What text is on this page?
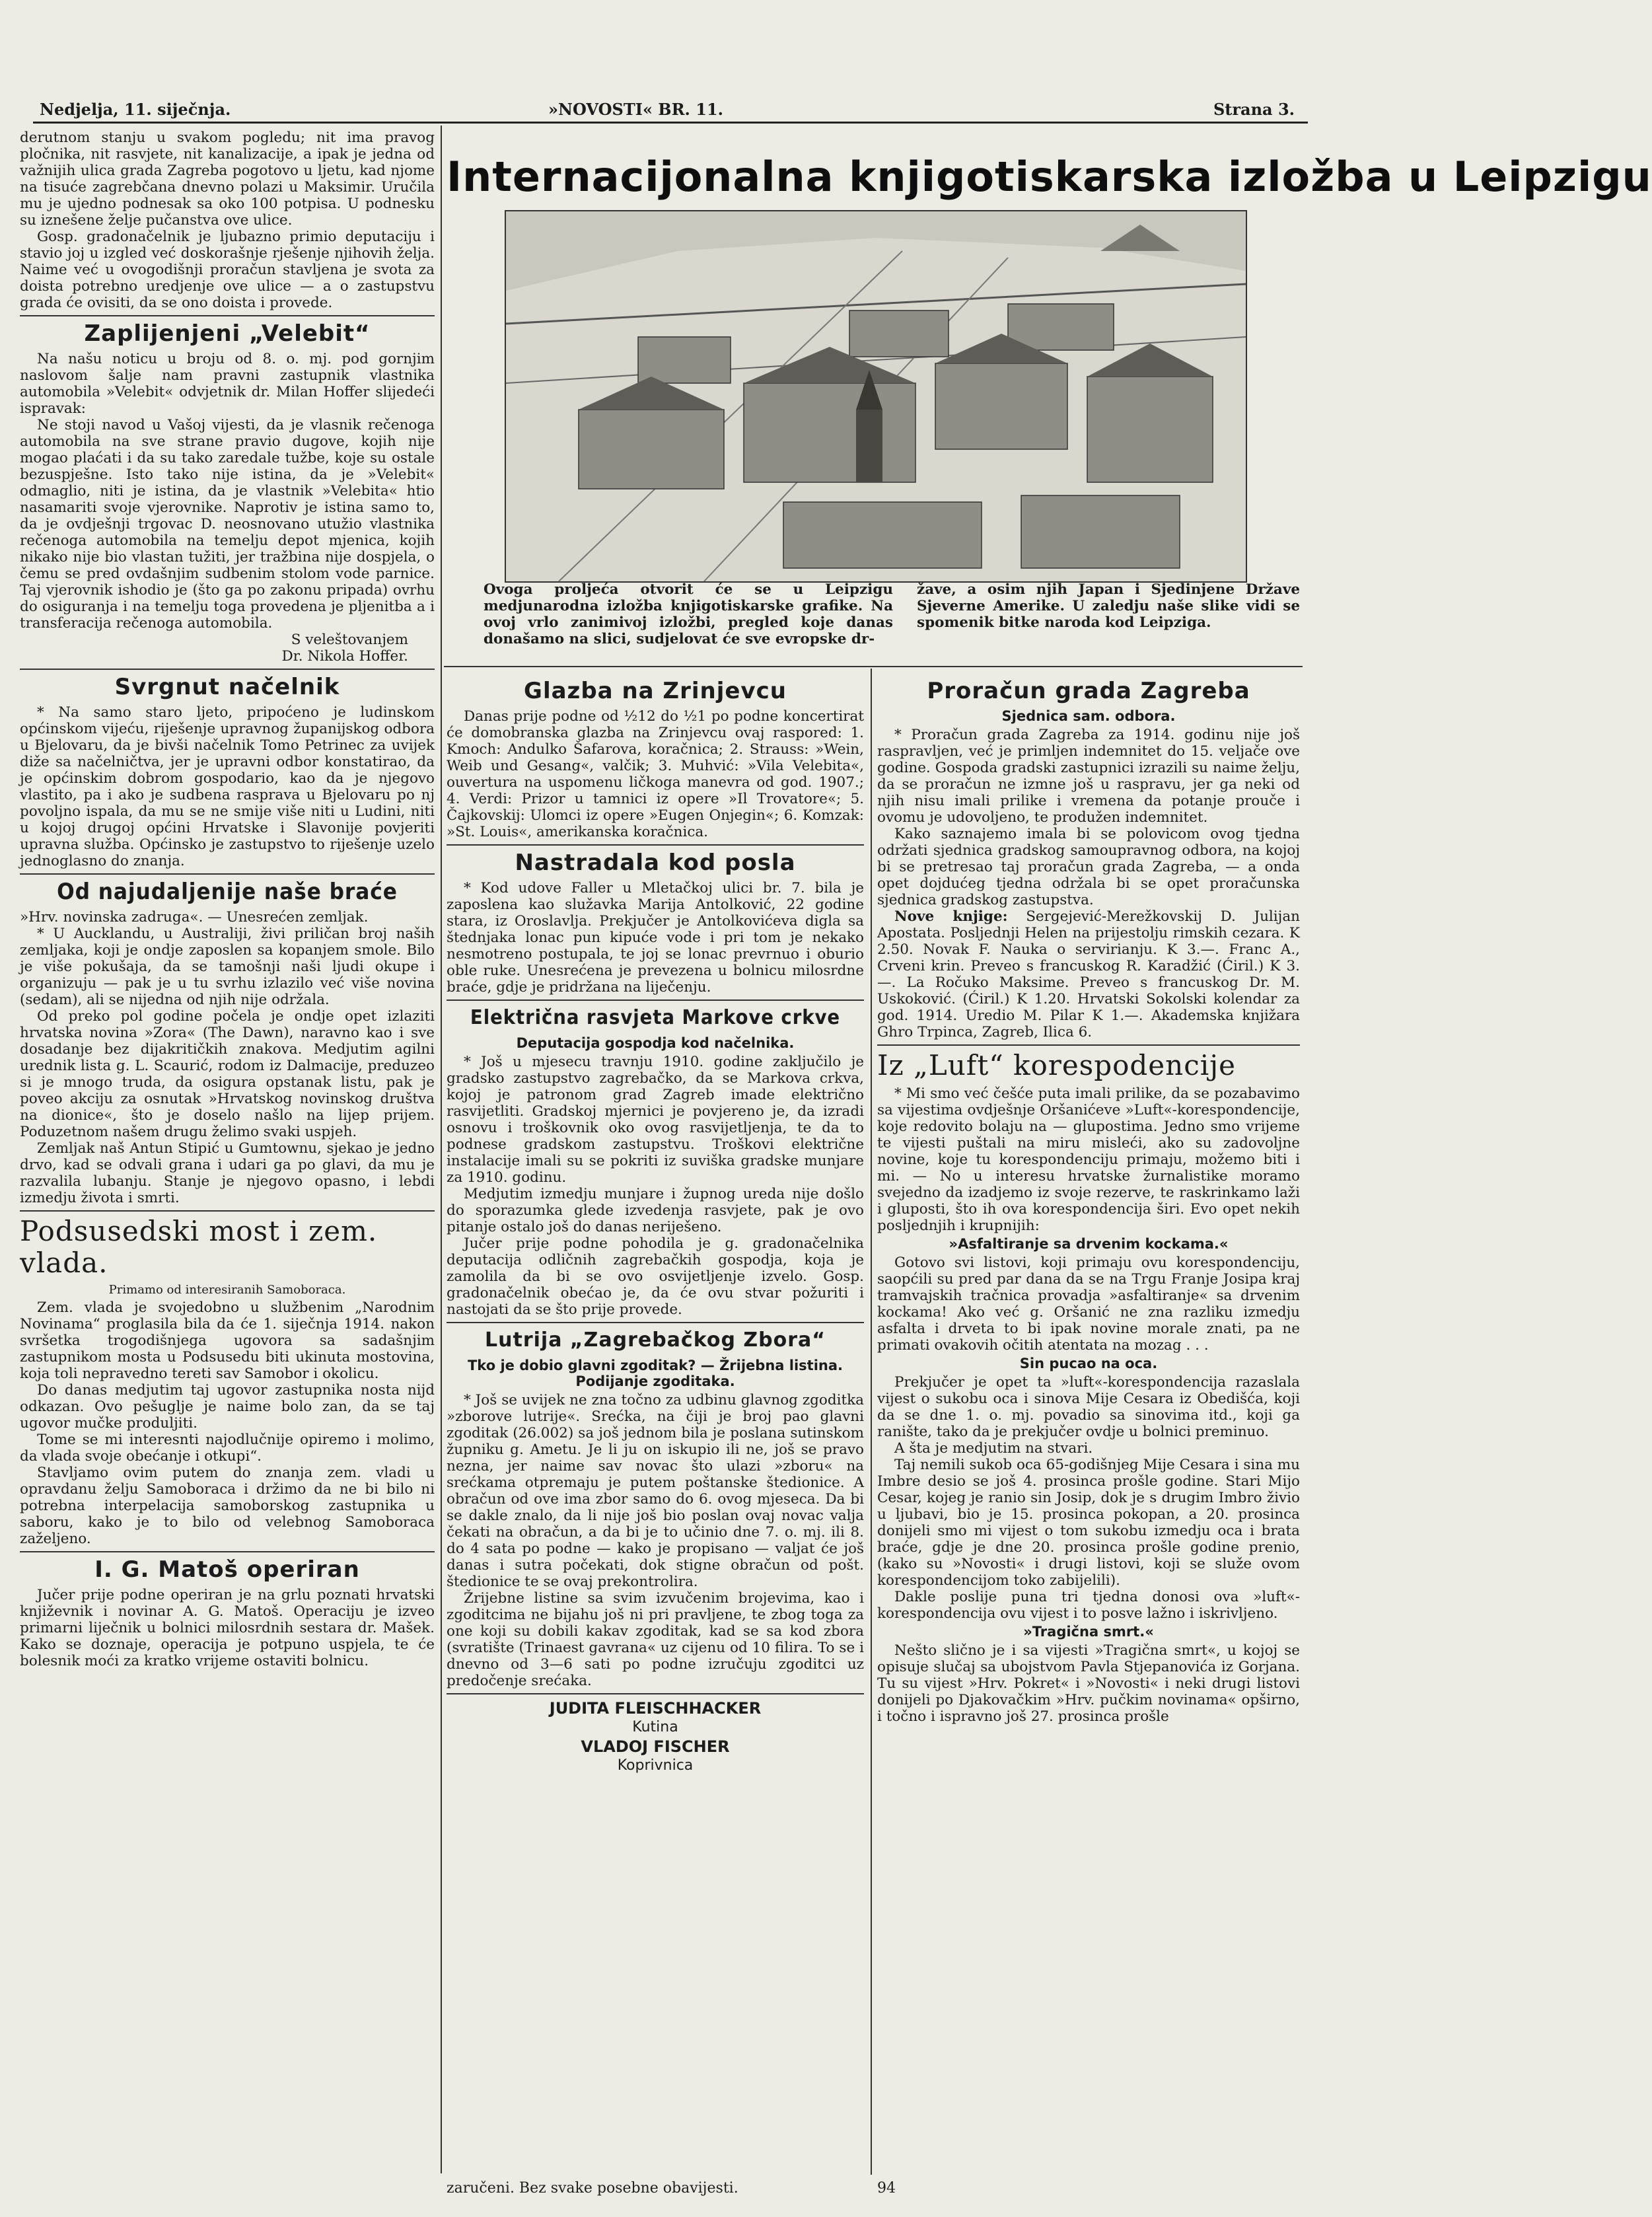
Nedjelja, 11. siječnja.	»NOVOSTI« BR. 11.	Strana 3.

derutnom stanju u svakom pogledu; nit ima pravog pločnika, nit rasvjete, nit kanalizacije, a ipak je jedna od važnijih ulica grada Zagreba pogotovo u ljetu, kad njome na tisuće zagrebčana dnevno polazi u Maksimir. Uručila mu je ujedno podnesak sa oko 100 potpisa. U podnesku su iznešene želje pučanstva ove ulice.

Gosp. gradonačelnik je ljubazno primio deputaciju i stavio joj u izgled već doskorašnje rješenje njihovih želja. Naime već u ovogodišnji proračun stavljena je svota za doista potrebno uredjenje ove ulice — a o zastupstvu grada će ovisiti, da se ono doista i provede.

Zaplijenjeni „Velebit“

Na našu noticu u broju od 8. o. mj. pod gornjim naslovom šalje nam pravni zastupnik vlastnika automobila »Velebit« odvjetnik dr. Milan Hoffer slijedeći ispravak:

Ne stoji navod u Vašoj vijesti, da je vlasnik rečenoga automobila na sve strane pravio dugove, kojih nije mogao plaćati i da su tako zaredale tužbe, koje su ostale bezuspješne. Isto tako nije istina, da je »Velebit« odmaglio, niti je istina, da je vlastnik »Velebita« htio nasamariti svoje vjerovnike. Naprotiv je istina samo to, da je ovdješnji trgovac D. neosnovano utužio vlastnika rečenoga automobila na temelju depot mjenica, kojih nikako nije bio vlastan tužiti, jer tražbina nije dospjela, o čemu se pred ovdašnjim sudbenim stolom vode parnice. Taj vjerovnik ishodio je (što ga po zakonu pripada) ovrhu do osiguranja i na temelju toga provedena je pljenitba a i transferacija rečenoga automobila.

S veleštovanjem

Dr. Nikola Hoffer.

Svrgnut načelnik

* Na samo staro ljeto, pripoćeno je ludinskom općinskom vijeću, riješenje upravnog županijskog odbora u Bjelovaru, da je bivši načelnik Tomo Petrinec za uvijek diže sa načelničtva, jer je upravni odbor konstatirao, da je općinskim dobrom gospodario, kao da je njegovo vlastito, pa i ako je sudbena rasprava u Bjelovaru po nj povoljno ispala, da mu se ne smije više niti u Ludini, niti u kojoj drugoj općini Hrvatske i Slavonije povjeriti upravna služba. Općinsko je zastupstvo to riješenje uzelo jednoglasno do znanja.

Od najudaljenije naše braće

»Hrv. novinska zadruga«. — Unesrećen zemljak.

* U Aucklandu, u Australiji, živi priličan broj naših zemljaka, koji je ondje zaposlen sa kopanjem smole. Bilo je više pokušaja, da se tamošnji naši ljudi okupe i organizuju — pak je u tu svrhu izlazilo već više novina (sedam), ali se nijedna od njih nije održala.

Od preko pol godine počela je ondje opet izlaziti hrvatska novina »Zora« (The Dawn), naravno kao i sve dosadanje bez dijakritičkih znakova. Medjutim agilni urednik lista g. L. Scaurić, rodom iz Dalmacije, preduzeo si je mnogo truda, da osigura opstanak listu, pak je poveo akciju za osnutak »Hrvatskog novinskog društva na dionice«, što je doselo našlo na lijep prijem. Poduzetnom našem drugu želimo svaki uspjeh.

Zemljak naš Antun Stipić u Gumtownu, sjekao je jedno drvo, kad se odvali grana i udari ga po glavi, da mu je razvalila lubanju. Stanje je njegovo opasno, i lebdi izmedju života i smrti.

Podsusedski most i zem. vlada.
Primamo od interesiranih Samoboraca.

Zem. vlada je svojedobno u službenim „Narodnim Novinama“ proglasila bila da će 1. siječnja 1914. nakon svršetka trogodišnjega ugovora sa sadašnjim zastupnikom mosta u Podsusedu biti ukinuta mostovina, koja toli nepravedno tereti sav Samobor i okolicu.

Do danas medjutim taj ugovor zastupnika nosta nijd odkazan. Ovo pešuglje je naime bolo zan, da se taj ugovor mučke produljiti.

Tome se mi interesnti najodlučnije opiremo i molimo, da vlada svoje obećanje i otkupi“.

Stavljamo ovim putem do znanja zem. vladi u opravdanu želju Samoboraca i držimo da ne bi bilo ni potrebna interpelacija samoborskog zastupnika u saboru, kako je to bilo od velebnog Samoboraca zaželjeno.

I. G. Matoš operiran

Jučer prije podne operiran je na grlu poznati hrvatski književnik i novinar A. G. Matoš. Operaciju je izveo primarni liječnik u bolnici milosrdnih sestara dr. Mašek. Kako se doznaje, operacija je potpuno uspjela, te će bolesnik moći za kratko vrijeme ostaviti bolnicu.

Internacijonalna knjigotiskarska izložba u Leipzigu

Ovoga proljeća otvorit će se u Leipzigu medjunarodna izložba knjigotiskarske grafike. Na ovoj vrlo zanimivoj izložbi, pregled koje danas donašamo na slici, sudjelovat će sve evropske dr-

žave, a osim njih Japan i Sjedinjene Države Sjeverne Amerike. U zaledju naše slike vidi se spomenik bitke naroda kod Leipziga.

Glazba na Zrinjevcu

Danas prije podne od ½12 do ½1 po podne koncertirat će domobranska glazba na Zrinjevcu ovaj raspored: 1. Kmoch: Andulko Šafarova, koračnica; 2. Strauss: »Wein, Weib und Gesang«, valčik; 3. Muhvić: »Vila Velebita«, ouvertura na uspomenu ličkoga manevra od god. 1907.; 4. Verdi: Prizor u tamnici iz opere »Il Trovatore«; 5. Čajkovskij: Ulomci iz opere »Eugen Onjegin«; 6. Komzak: »St. Louis«, amerikanska koračnica.

Nastradala kod posla

* Kod udove Faller u Mletačkoj ulici br. 7. bila je zaposlena kao služavka Marija Antolković, 22 godine stara, iz Oroslavlja. Prekjučer je Antolkovićeva digla sa štednjaka lonac pun kipuće vode i pri tom je nekako nesmotreno postupala, te joj se lonac prevrnuo i oburio oble ruke. Unesrećena je prevezena u bolnicu milosrdne braće, gdje je pridržana na liječenju.

Električna rasvjeta Markove crkve
Deputacija gospodja kod načelnika.

* Još u mjesecu travnju 1910. godine zaključilo je gradsko zastupstvo zagrebačko, da se Markova crkva, kojoj je patronom grad Zagreb imade električno rasvijetliti. Gradskoj mjernici je povjereno je, da izradi osnovu i troškovnik oko ovog rasvijetljenja, te da to podnese gradskom zastupstvu. Troškovi električne instalacije imali su se pokriti iz suviška gradske munjare za 1910. godinu.

Medjutim izmedju munjare i župnog ureda nije došlo do sporazumka glede izvedenja rasvjete, pak je ovo pitanje ostalo još do danas neriješeno.

Jučer prije podne pohodila je g. gradonačelnika deputacija odličnih zagrebačkih gospodja, koja je zamolila da bi se ovo osvijetljenje izvelo. Gosp. gradonačelnik obećao je, da će ovu stvar požuriti i nastojati da se što prije provede.

Lutrija „Zagrebačkog Zbora“
Tko je dobio glavni zgoditak? — Žrijebna listina. Podijanje zgoditaka.

* Još se uvijek ne zna točno za udbinu glavnog zgoditka »zborove lutrije«. Srećka, na čiji je broj pao glavni zgoditak (26.002) sa još jednom bila je poslana sutinskom župniku g. Ametu. Je li ju on iskupio ili ne, još se pravo nezna, jer naime sav novac što ulazi »zboru« na srećkama otpremaju je putem poštanske štedionice. A obračun od ove ima zbor samo do 6. ovog mjeseca. Da bi se dakle znalo, da li nije još bio poslan ovaj novac valja čekati na obračun, a da bi je to učinio dne 7. o. mj. ili 8. do 4 sata po podne — kako je propisano — valjat će još danas i sutra počekati, dok stigne obračun od pošt. štedionice te se ovaj prekontrolira.

Žrijebne listine sa svim izvučenim brojevima, kao i zgoditcima ne bijahu još ni pri pravljene, te zbog toga za one koji su dobili kakav zgoditak, kad se sa kod zbora (svratište (Trinaest gavrana« uz cijenu od 10 filira. To se i dnevno od 3—6 sati po podne izručuju zgoditci uz predočenje srećaka.

JUDITA FLEISCHHACKER
Kutina
VLADOJ FISCHER
Koprivnica
zaručeni. Bez svake posebne obavijesti.	94
Proračun grada Zagreba
Sjednica sam. odbora.

* Proračun grada Zagreba za 1914. godinu nije još raspravljen, već je primljen indemnitet do 15. veljače ove godine. Gospoda gradski zastupnici izrazili su naime želju, da se proračun ne izmne još u raspravu, jer ga neki od njih nisu imali prilike i vremena da potanje prouče i ovomu je udovoljeno, te produžen indemnitet.

Kako saznajemo imala bi se polovicom ovog tjedna održati sjednica gradskog samoupravnog odbora, na kojoj bi se pretresao taj proračun grada Zagreba, — a onda opet dojdućeg tjedna održala bi se opet proračunska sjednica gradskog zastupstva.

Nove knjige: Sergejević-Merežkovskij D. Julijan Apostata. Posljednji Helen na prijestolju rimskih cezara. K 2.50. Novak F. Nauka o servirianju. K 3.—. Franc A., Crveni krin. Preveo s francuskog R. Karadžić (Ćiril.) K 3.—. La Ročuko Maksime. Preveo s francuskog Dr. M. Uskoković. (Ćiril.) K 1.20. Hrvatski Sokolski kolendar za god. 1914. Uredio M. Pilar K 1.—. Akademska knjižara Ghro Trpinca, Zagreb, Ilica 6.

Iz „Luft“ korespodencije

* Mi smo već češće puta imali prilike, da se pozabavimo sa vijestima ovdješnje Oršanićeve »Luft«-korespondencije, koje redovito bolaju na — glupostima. Jedno smo vrijeme te vijesti puštali na miru misleći, ako su zadovoljne novine, koje tu korespondenciju primaju, možemo biti i mi. — No u interesu hrvatske žurnalistike moramo svejedno da izadjemo iz svoje rezerve, te raskrinkamo laži i gluposti, što ih ova korespondencija širi. Evo opet nekih posljednjih i krupnijih:

»Asfaltiranje sa drvenim kockama.«

Gotovo svi listovi, koji primaju ovu korespondenciju, saopćili su pred par dana da se na Trgu Franje Josipa kraj tramvajskih tračnica provadja »asfaltiranje« sa drvenim kockama! Ako već g. Oršanić ne zna razliku izmedju asfalta i drveta to bi ipak novine morale znati, pa ne primati ovakovih očitih atentata na mozag . . .

Sin pucao na oca.

Prekjučer je opet ta »luft«-korespondencija razaslala vijest o sukobu oca i sinova Mije Cesara iz Obedišća, koji da se dne 1. o. mj. povadio sa sinovima itd., koji ga ranište, tako da je prekjučer ovdje u bolnici preminuo.

A šta je medjutim na stvari.

Taj nemili sukob oca 65-godišnjeg Mije Cesara i sina mu Imbre desio se još 4. prosinca prošle godine. Stari Mijo Cesar, kojeg je ranio sin Josip, dok je s drugim Imbro živio u ljubavi, bio je 15. prosinca pokopan, a 20. prosinca donijeli smo mi vijest o tom sukobu izmedju oca i brata braće, gdje je dne 20. prosinca prošle godine prenio, (kako su »Novosti« i drugi listovi, koji se služe ovom korespondencijom toko zabijelili).

Dakle poslije puna tri tjedna donosi ova »luft«-korespondencija ovu vijest i to posve lažno i iskrivljeno.

»Tragična smrt.«

Nešto slično je i sa vijesti »Tragična smrt«, u kojoj se opisuje slučaj sa ubojstvom Pavla Stjepanovića iz Gorjana. Tu su vijest »Hrv. Pokret« i »Novosti« i neki drugi listovi donijeli po Djakovačkim »Hrv. pučkim novinama« opširno, i točno i ispravno još 27. prosinca prošle
